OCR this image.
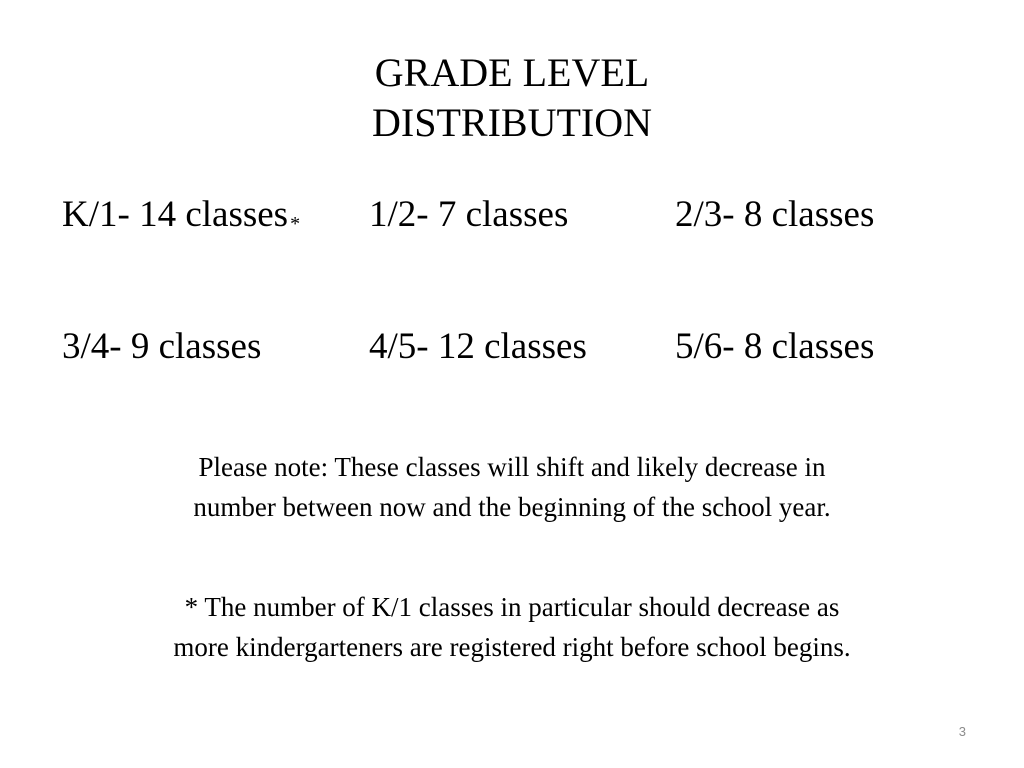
GRADE LEVEL
DISTRIBUTION
K/1- 14 classes * 1/2- 7 classes	2/3- 8 classes
3/4- 9 classes	4/5- 12 classes 5/6- 8 classes
Please note: These classes will shift and likely decrease in
number between now and the beginning of the school year.
* The number of K/1 classes in particular should decrease as
more kindergarteners are registered right before school begins.
3
